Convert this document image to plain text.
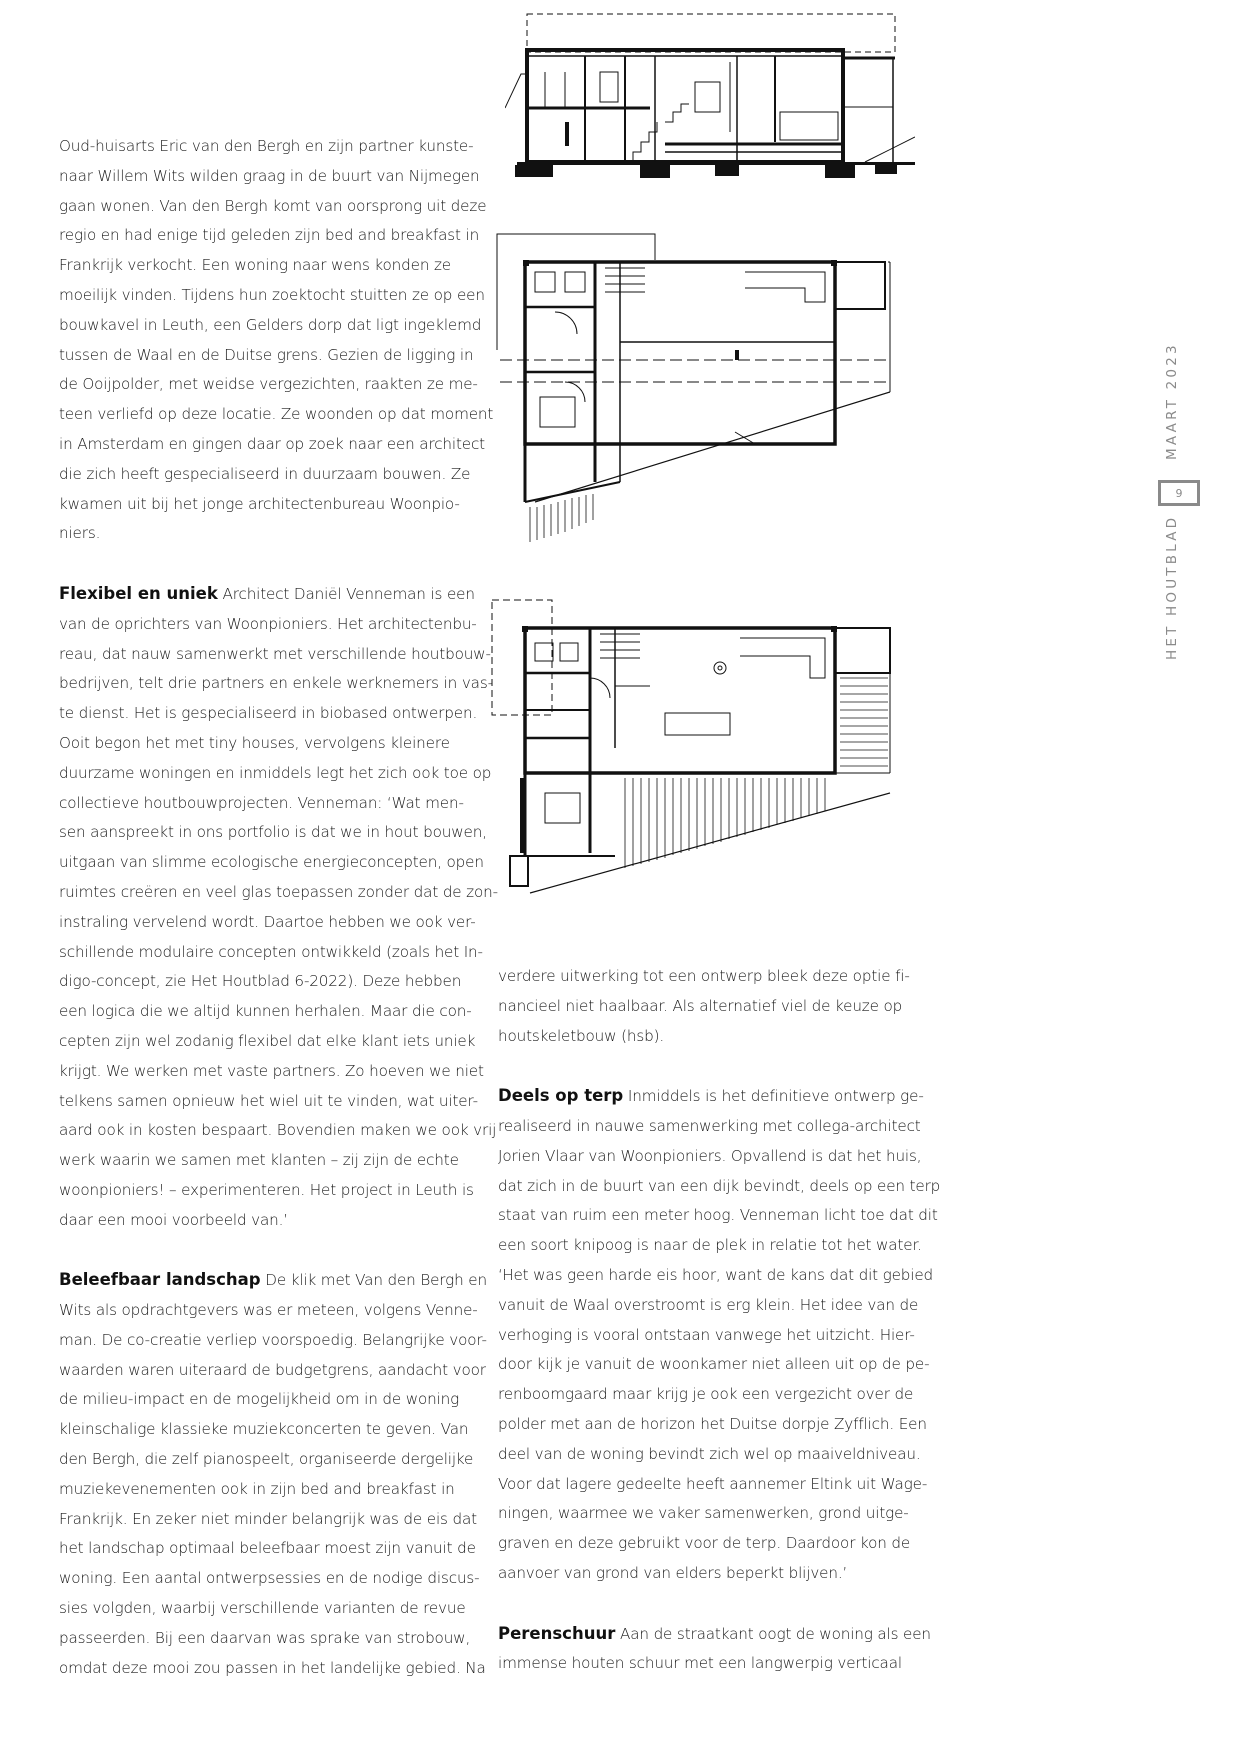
Oud-huisarts Eric van den Bergh en zijn partner kunste-
naar Willem Wits wilden graag in de buurt van Nijmegen
gaan wonen. Van den Bergh komt van oorsprong uit deze
regio en had enige tijd geleden zijn bed and breakfast in
Frankrijk verkocht. Een woning naar wens konden ze
moeilijk vinden. Tijdens hun zoektocht stuitten ze op een
bouwkavel in Leuth, een Gelders dorp dat ligt ingeklemd
tussen de Waal en de Duitse grens. Gezien de ligging in
de Ooijpolder, met weidse vergezichten, raakten ze me-
teen verliefd op deze locatie. Ze woonden op dat moment
in Amsterdam en gingen daar op zoek naar een architect
die zich heeft gespecialiseerd in duurzaam bouwen. Ze
kwamen uit bij het jonge architectenbureau Woonpio-
niers.

Flexibel en uniek Architect Daniël Venneman is een
van de oprichters van Woonpioniers. Het architectenbu-
reau, dat nauw samenwerkt met verschillende houtbouw-
bedrijven, telt drie partners en enkele werknemers in vas-
te dienst. Het is gespecialiseerd in biobased ontwerpen.
Ooit begon het met tiny houses, vervolgens kleinere
duurzame woningen en inmiddels legt het zich ook toe op
collectieve houtbouwprojecten. Venneman: ‘Wat men-
sen aanspreekt in ons portfolio is dat we in hout bouwen,
uitgaan van slimme ecologische energieconcepten, open
ruimtes creëren en veel glas toepassen zonder dat de zon-
instraling vervelend wordt. Daartoe hebben we ook ver-
schillende modulaire concepten ontwikkeld (zoals het In-
digo-concept, zie Het Houtblad 6-2022). Deze hebben
een logica die we altijd kunnen herhalen. Maar die con-
cepten zijn wel zodanig flexibel dat elke klant iets uniek
krijgt. We werken met vaste partners. Zo hoeven we niet
telkens samen opnieuw het wiel uit te vinden, wat uiter-
aard ook in kosten bespaart. Bovendien maken we ook vrij
werk waarin we samen met klanten – zij zijn de echte
woonpioniers! – experimenteren. Het project in Leuth is
daar een mooi voorbeeld van.’

Beleefbaar landschap De klik met Van den Bergh en
Wits als opdrachtgevers was er meteen, volgens Venne-
man. De co-creatie verliep voorspoedig. Belangrijke voor-
waarden waren uiteraard de budgetgrens, aandacht voor
de milieu-impact en de mogelijkheid om in de woning
kleinschalige klassieke muziekconcerten te geven. Van
den Bergh, die zelf pianospeelt, organiseerde dergelijke
muziekevenementen ook in zijn bed and breakfast in
Frankrijk. En zeker niet minder belangrijk was de eis dat
het landschap optimaal beleefbaar moest zijn vanuit de
woning. Een aantal ontwerpsessies en de nodige discus-
sies volgden, waarbij verschillende varianten de revue
passeerden. Bij een daarvan was sprake van strobouw,
omdat deze mooi zou passen in het landelijke gebied. Na

verdere uitwerking tot een ontwerp bleek deze optie fi-
nancieel niet haalbaar. Als alternatief viel de keuze op
houtskeletbouw (hsb).

Deels op terp Inmiddels is het definitieve ontwerp ge-
realiseerd in nauwe samenwerking met collega-architect
Jorien Vlaar van Woonpioniers. Opvallend is dat het huis,
dat zich in de buurt van een dijk bevindt, deels op een terp
staat van ruim een meter hoog. Venneman licht toe dat dit
een soort knipoog is naar de plek in relatie tot het water.
‘Het was geen harde eis hoor, want de kans dat dit gebied
vanuit de Waal overstroomt is erg klein. Het idee van de
verhoging is vooral ontstaan vanwege het uitzicht. Hier-
door kijk je vanuit de woonkamer niet alleen uit op de pe-
renboomgaard maar krijg je ook een vergezicht over de
polder met aan de horizon het Duitse dorpje Zyfflich. Een
deel van de woning bevindt zich wel op maaiveldniveau.
Voor dat lagere gedeelte heeft aannemer Eltink uit Wage-
ningen, waarmee we vaker samenwerken, grond uitge-
graven en deze gebruikt voor de terp. Daardoor kon de
aanvoer van grond van elders beperkt blijven.’

Perenschuur Aan de straatkant oogt de woning als een
immense houten schuur met een langwerpig verticaal

MAART 2023
9
HET HOUTBLAD
